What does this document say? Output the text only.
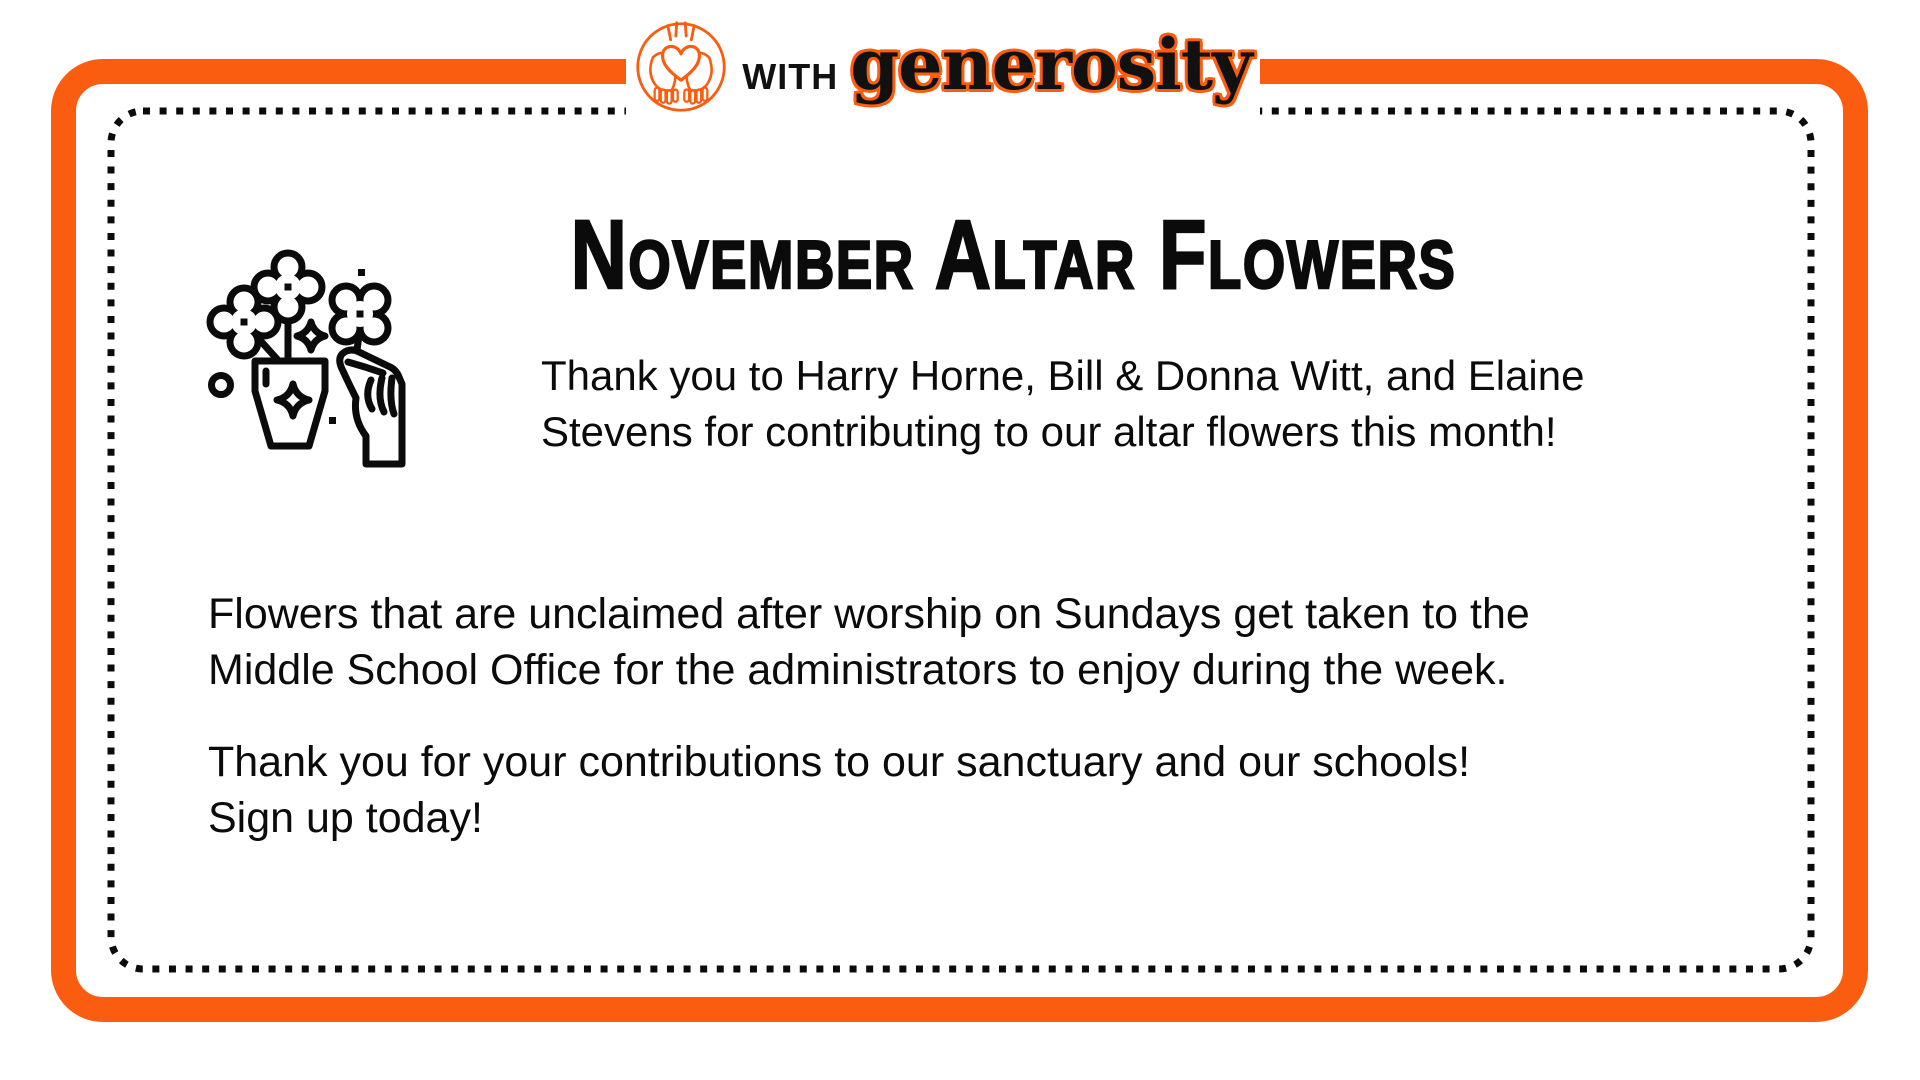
with generosity
November Altar Flowers
Thank you to Harry Horne, Bill & Donna Witt, and Elaine
Stevens for contributing to our altar flowers this month!
Flowers that are unclaimed after worship on Sundays get taken to the
Middle School Office for the administrators to enjoy during the week.
Thank you for your contributions to our sanctuary and our schools!
Sign up today!
